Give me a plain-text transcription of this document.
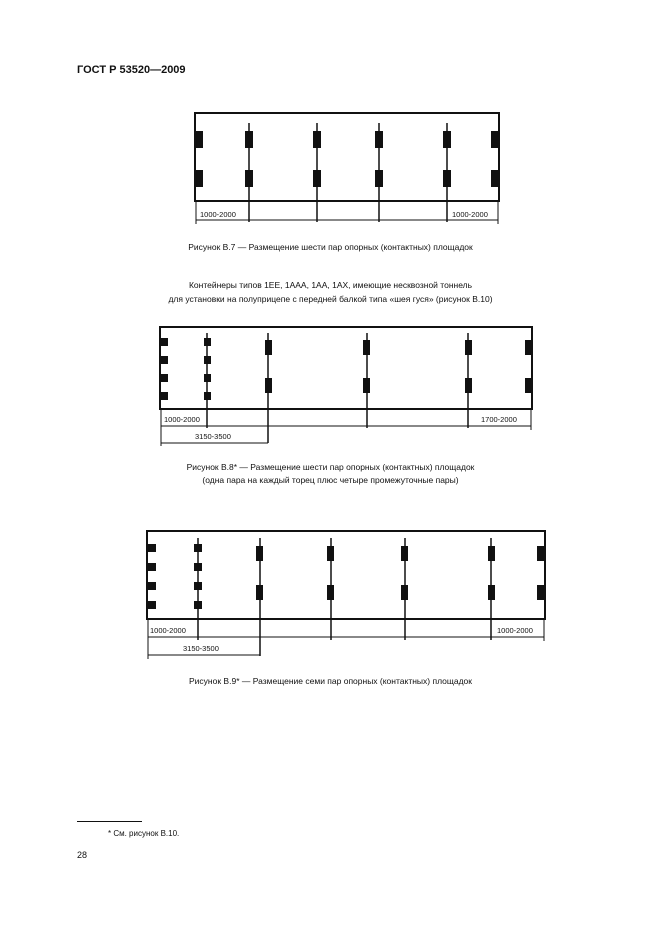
ГОСТ Р 53520—2009
1000-2000	1000-2000
Рисунок В.7 — Размещение шести пар опорных (контактных) площадок
Контейнеры типов 1ЕЕ, 1ААА, 1АА, 1АХ, имеющие несквозной тоннель
для установки на полуприцепе с передней балкой типа «шея гуся» (рисунок В.10)
1000-2000
3150-3500
1700-2000
Рисунок В.8* — Размещение шести пар опорных (контактных) площадок
(одна пара на каждый торец плюс четыре промежуточные пары)
1000-2000
3150-3500
1000-2000
Рисунок В.9* — Размещение семи пар опорных (контактных) площадок
* См. рисунок В.10.
28
